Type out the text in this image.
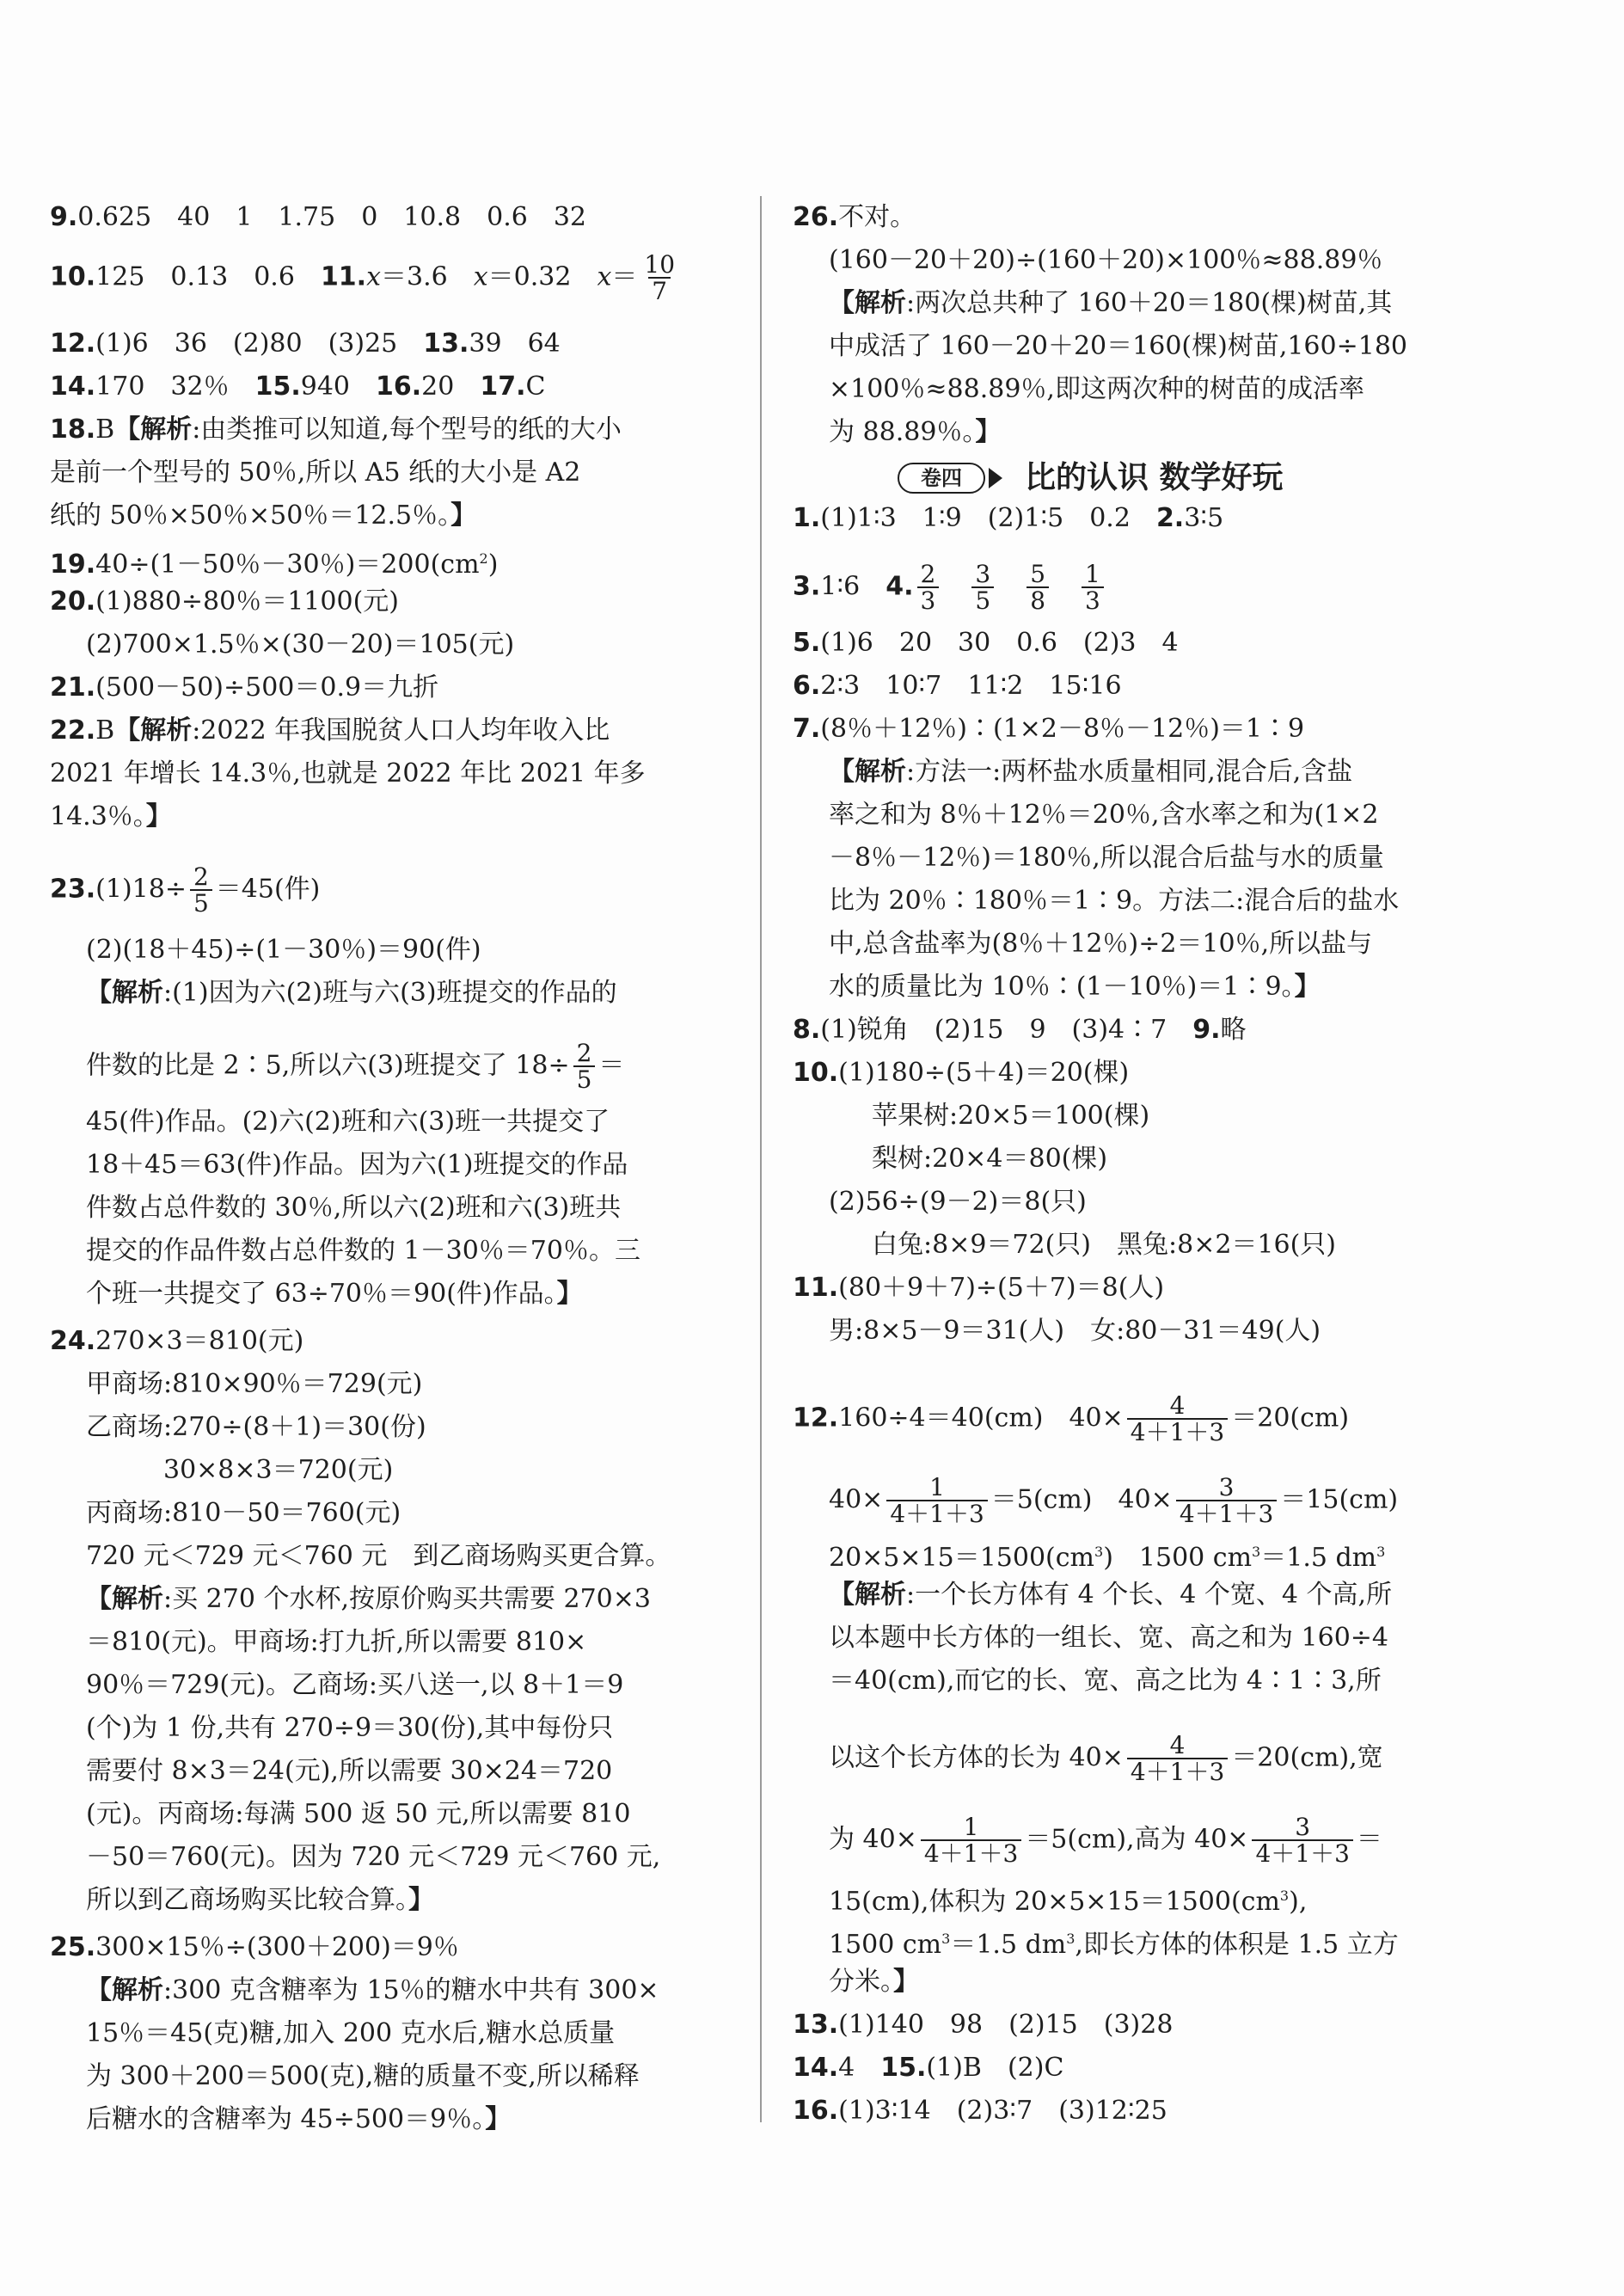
9.0.625　40　1　1.75　0　10.8　0.6　32
10.125　0.13　0.6　11.x＝3.6　x＝0.32　$x= \frac{10}{7}$
12.(1)6　36　(2)80　(3)25　13.39　64
14.170　32％　15.940　16.20　17.C
18.B【解析:由类推可以知道,每个型号的纸的大小
是前一个型号的 50％,所以 A5 纸的大小是 A2
纸的 50％×50％×50％＝12.5％。】
19.40÷(1－50％－30％)$=200(cm^2)$
20.(1)880÷80％＝1100(元)
(2)700×1.5％×(30－20)＝105(元)
21.(500－50)÷500＝0.9＝九折
22.B【解析:2022 年我国脱贫人口人均年收入比
2021 年增长 14.3％,也就是 2022 年比 2021 年多
14.3％。】
$23.(1)18\div \frac{2}{5} =45$(件)
(2)(18＋45)÷(1－30％)＝90(件)
【解析:(1)因为六(2)班与六(3)班提交的作品的
件数的比是 2∶5,所以六(3)班提交了 $18\div \frac{2}{5}$ ＝
45(件)作品。(2)六(2)班和六(3)班一共提交了
18＋45＝63(件)作品。因为六(1)班提交的作品
件数占总件数的 30％,所以六(2)班和六(3)班共
提交的作品件数占总件数的 1－30％＝70％。三
个班一共提交了 63÷70％＝90(件)作品。】
24.270×3＝810(元)
甲商场:810×90％＝729(元)
乙商场:270÷(8＋1)＝30(份)
30×8×3＝720(元)
丙商场:810－50＝760(元)
720 元＜729 元＜760 元　到乙商场购买更合算。
【解析:买 270 个水杯,按原价购买共需要 270×3
＝810(元)。甲商场:打九折,所以需要 810×
90％＝729(元)。乙商场:买八送一,以 8＋1＝9
(个)为 1 份,共有 270÷9＝30(份),其中每份只
需要付 8×3＝24(元),所以需要 30×24＝720
(元)。丙商场:每满 500 返 50 元,所以需要 810
－50＝760(元)。因为 720 元＜729 元＜760 元,
所以到乙商场购买比较合算。】
25.300×15％÷(300＋200)＝9％
【解析:300 克含糖率为 15％的糖水中共有 300×
15％＝45(克)糖,加入 200 克水后,糖水总质量
为 300＋200＝500(克),糖的质量不变,所以稀释
后糖水的含糖率为 45÷500＝9％。】
卷四 比的认识 数学好玩
26.不对。
(160－20＋20)÷(160＋20)×100％≈88.89％
【解析:两次总共种了 160＋20＝180(棵)树苗,其
中成活了 160－20＋20＝160(棵)树苗,160÷180
×100％≈88.89％,即这两次种的树苗的成活率
为 88.89％。】
1.(1)1∶3　1∶9　(2)1∶5　0.2　2.3∶5
3.1∶6　4. $\frac{2}{3}$
　 $\frac{3}{5}$
　 $\frac{5}{8}$
　 $\frac{1}{3}$
5.(1)6　20　30　0.6　(2)3　4
6.2∶3　10∶7　11∶2　15∶16
7.(8％＋12％)∶(1×2－8％－12％)＝1∶9
【解析:方法一:两杯盐水质量相同,混合后,含盐
率之和为 8％＋12％＝20％,含水率之和为(1×2
－8％－12％)＝180％,所以混合后盐与水的质量
比为 20％∶180％＝1∶9。方法二:混合后的盐水
中,总含盐率为(8％＋12％)÷2＝10％,所以盐与
水的质量比为 10％∶(1－10％)＝1∶9。】
8.(1)锐角　(2)15　9　(3)4∶7　9.略
10.(1)180÷(5＋4)＝20(棵)
苹果树:20×5＝100(棵)
梨树:20×4＝80(棵)
(2)56÷(9－2)＝8(只)
白兔:8×9＝72(只)　黑兔:8×2＝16(只)
11.(80＋9＋7)÷(5＋7)＝8(人)
男:8×5－9＝31(人)　女:80－31＝49(人)
12.160÷4＝40(cm)　$40\times \frac{4}{4+1+3} =20(cm)$
$40\times \frac{1}{4+1+3} =5(cm)$　$40\times \frac{3}{4+1+3} =15(cm)$
$20\times 5\times 15=1500(cm^3)$　1500 $cm^3=1.5$ $dm^3$
【解析:一个长方体有 4 个长、4 个宽、4 个高,所
以本题中长方体的一组长、宽、高之和为 160÷4
＝40(cm),而它的长、宽、高之比为 4∶1∶3,所
以这个长方体的长为 $40\times \frac{4}{4+1+3} =20(cm)$,宽
为 $40\times \frac{1}{4+1+3} =5(cm)$,高为 $40\times \frac{3}{4+1+3}$ ＝
15(cm),体积为 $20\times 5\times 15=1500(cm^3)$,
1500 $cm^3=1.5$ $dm^3$,即长方体的体积是 1.5 立方
分米。】
13.(1)140　98　(2)15　(3)28
14.4　15.(1)B　(2)C
16.(1)3∶14　(2)3∶7　(3)12∶25
